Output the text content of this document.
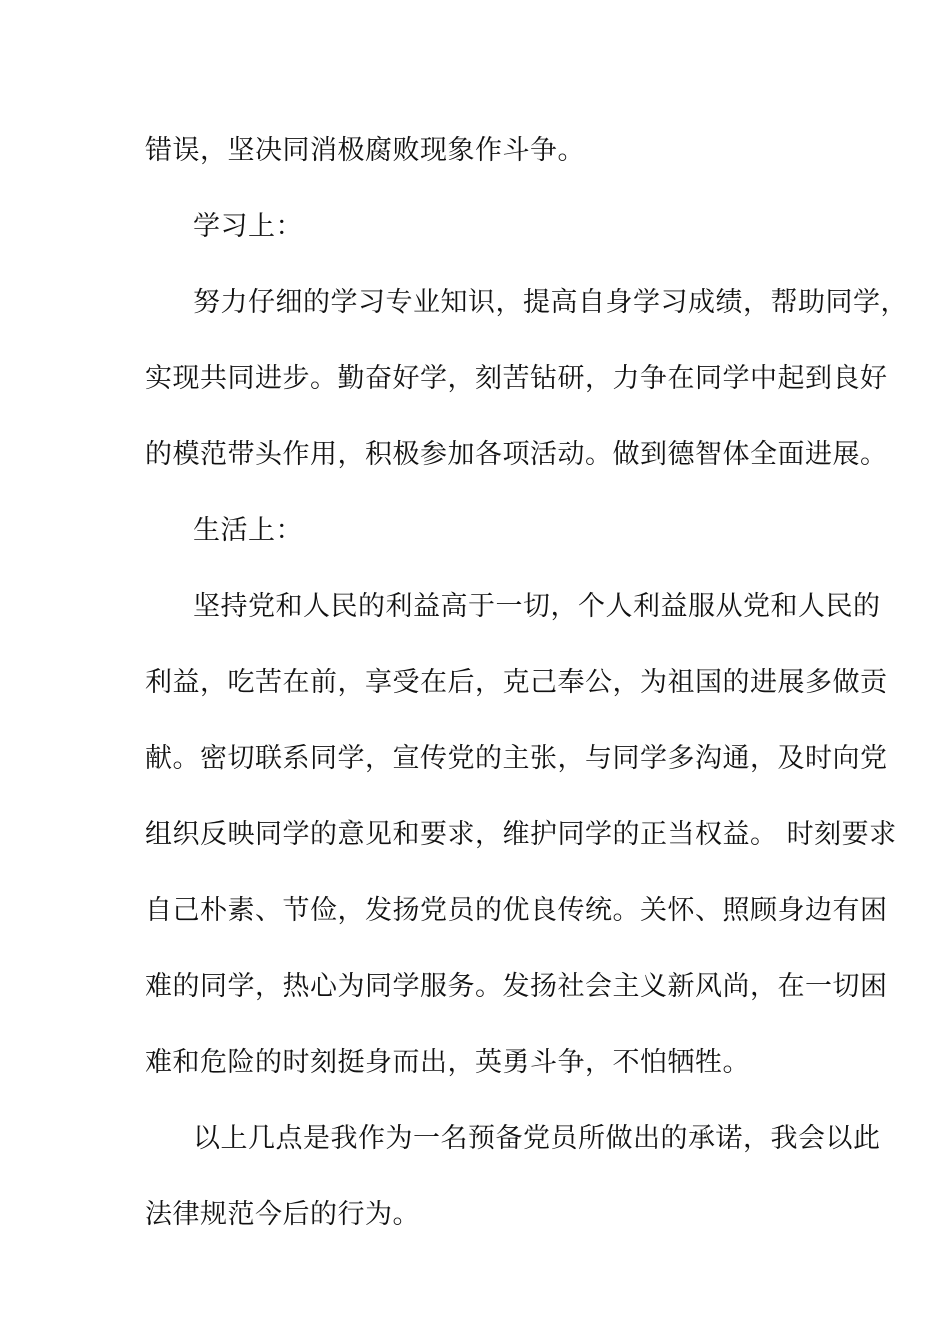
错误，坚决同消极腐败现象作斗争。
学习上：
努力仔细的学习专业知识，提高自身学习成绩，帮助同学，
实现共同进步。勤奋好学，刻苦钻研，力争在同学中起到良好
的模范带头作用，积极参加各项活动。做到德智体全面进展。
生活上：
坚持党和人民的利益高于一切，个人利益服从党和人民的
利益，吃苦在前，享受在后，克己奉公，为祖国的进展多做贡
献。密切联系同学，宣传党的主张，与同学多沟通，及时向党
组织反映同学的意见和要求，维护同学的正当权益。 时刻要求
自己朴素、节俭，发扬党员的优良传统。关怀、照顾身边有困
难的同学，热心为同学服务。发扬社会主义新风尚，在一切困
难和危险的时刻挺身而出，英勇斗争，不怕牺牲。
以上几点是我作为一名预备党员所做出的承诺，我会以此
法律规范今后的行为。
